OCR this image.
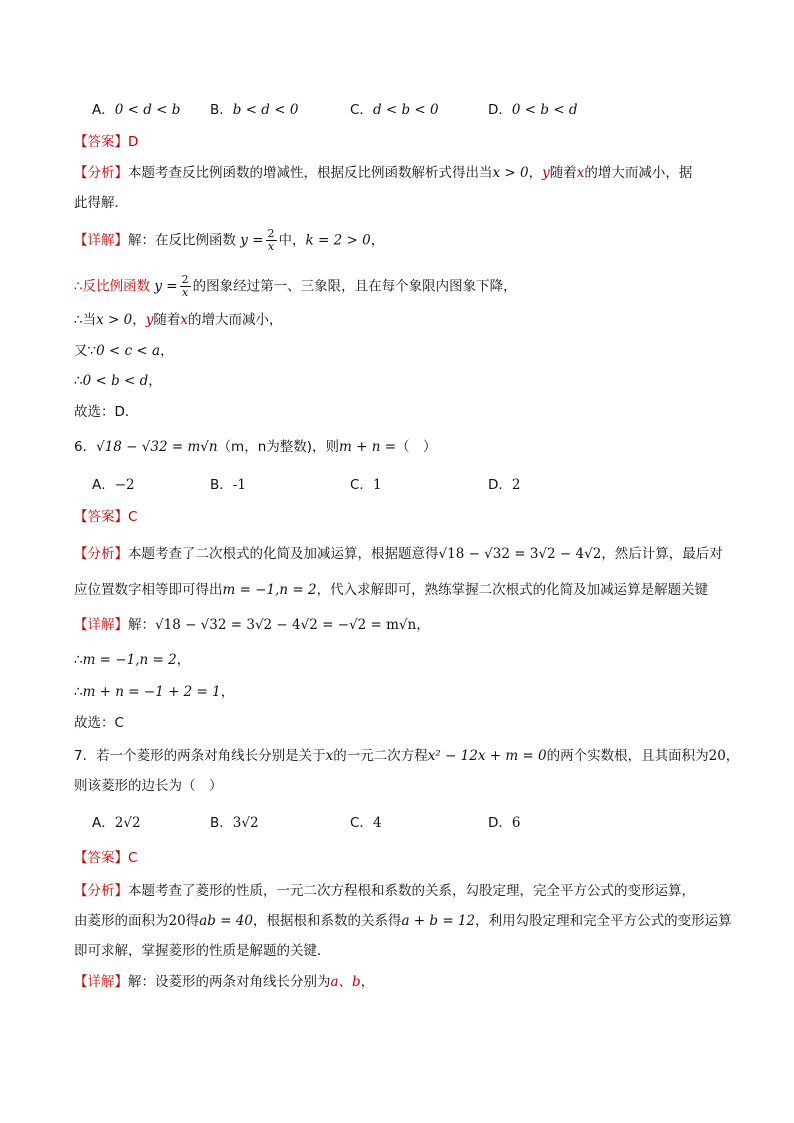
A．0 < d < b B．b < d < 0	C．d < b < 0	D．0 < b < d
【答案】D
【分析】本题考查反比例函数的增减性，根据反比例函数解析式得出当x > 0，y随着x的增大而减小，据
此得解．
【详解】解：在反比例函数 $y = \frac{2}{x}$ 中，k = 2 > 0，
∴反比例函数 $y = \frac{2}{x}$ 的图象经过第一、三象限，且在每个象限内图象下降，
∴当x > 0，y随着x的增大而减小，
又∵0 < c < a，
∴0 < b < d，
故选：D．
6．√18 − √32 = m√n（m，n为整数)，则m + n =（　）
A．−2	B．-1	C．1	D．2
【答案】C
【分析】本题考查了二次根式的化简及加减运算，根据题意得√18 − √32 = 3√2 − 4√2，然后计算，最后对
应位置数字相等即可得出m = −1,n = 2，代入求解即可，熟练掌握二次根式的化简及加减运算是解题关键
【详解】解：√18 − √32 = 3√2 − 4√2 = −√2 = m√n，
∴m = −1,n = 2，
∴m + n = −1 + 2 = 1，
故选：C
7．若一个菱形的两条对角线长分别是关于x的一元二次方程x² − 12x + m = 0的两个实数根，且其面积为20，
则该菱形的边长为（　）
A．2√2	B．3√2	C．4	D．6
【答案】C
【分析】本题考查了菱形的性质，一元二次方程根和系数的关系，勾股定理，完全平方公式的变形运算，
由菱形的面积为20得ab = 40，根据根和系数的关系得a + b = 12，利用勾股定理和完全平方公式的变形运算
即可求解，掌握菱形的性质是解题的关键．
【详解】解：设菱形的两条对角线长分别为a、b，
